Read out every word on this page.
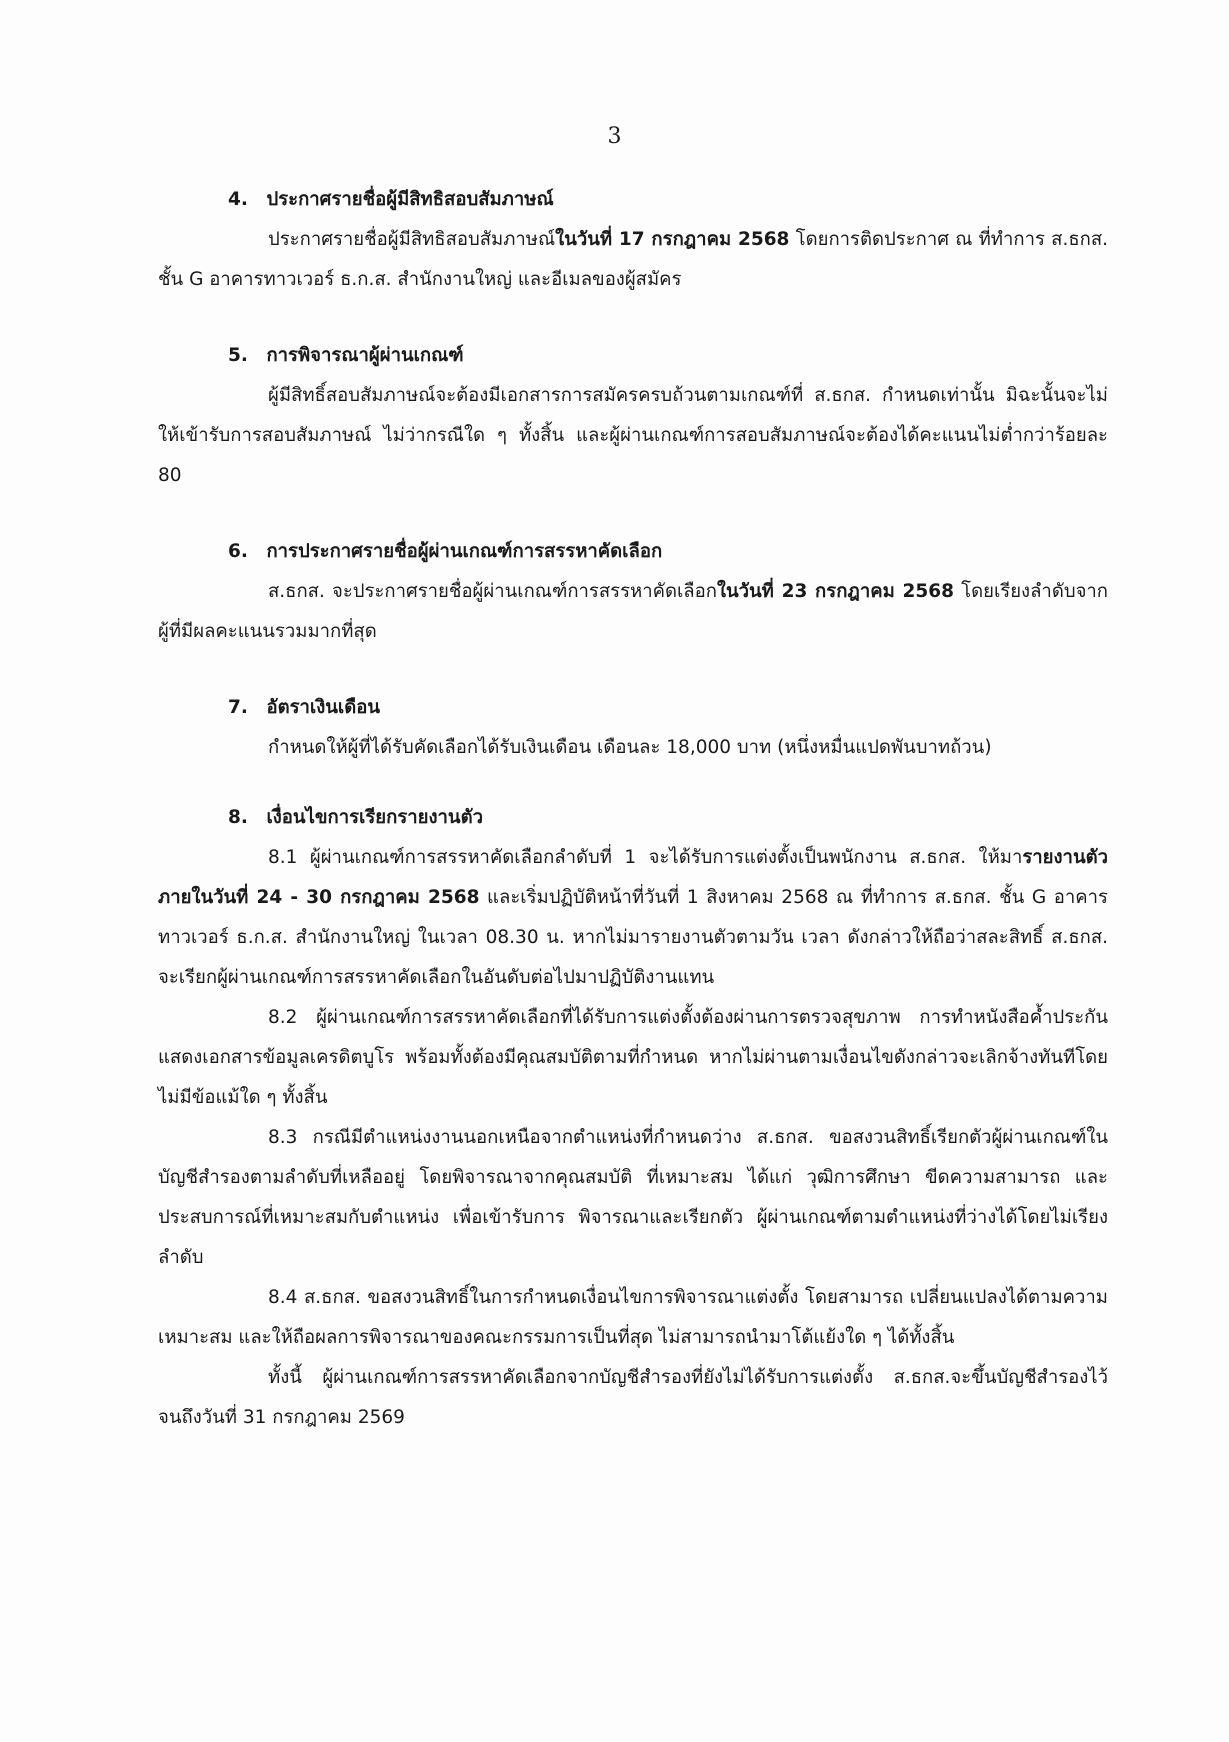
3

4. ประกาศรายชื่อผู้มีสิทธิสอบสัมภาษณ์

ประกาศรายชื่อผู้มีสิทธิสอบสัมภาษณ์ในวันที่ 17 กรกฎาคม 2568 โดยการติดประกาศ ณ ที่ทำการ ส.ธกส. ชั้น G อาคารทาวเวอร์ ธ.ก.ส. สำนักงานใหญ่ และอีเมลของผู้สมัคร

5. การพิจารณาผู้ผ่านเกณฑ์

ผู้มีสิทธิ์สอบสัมภาษณ์จะต้องมีเอกสารการสมัครครบถ้วนตามเกณฑ์ที่ ส.ธกส. กำหนดเท่านั้น มิฉะนั้นจะไม่ให้เข้ารับการสอบสัมภาษณ์ ไม่ว่ากรณีใด ๆ ทั้งสิ้น และผู้ผ่านเกณฑ์การสอบสัมภาษณ์จะต้องได้คะแนนไม่ต่ำกว่าร้อยละ 80

6. การประกาศรายชื่อผู้ผ่านเกณฑ์การสรรหาคัดเลือก

ส.ธกส. จะประกาศรายชื่อผู้ผ่านเกณฑ์การสรรหาคัดเลือกในวันที่ 23 กรกฎาคม 2568 โดยเรียงลำดับจากผู้ที่มีผลคะแนนรวมมากที่สุด

7. อัตราเงินเดือน

กำหนดให้ผู้ที่ได้รับคัดเลือกได้รับเงินเดือน เดือนละ 18,000 บาท (หนึ่งหมื่นแปดพันบาทถ้วน)

8. เงื่อนไขการเรียกรายงานตัว

8.1 ผู้ผ่านเกณฑ์การสรรหาคัดเลือกลำดับที่ 1 จะได้รับการแต่งตั้งเป็นพนักงาน ส.ธกส. ให้มารายงานตัวภายในวันที่ 24 - 30 กรกฎาคม 2568 และเริ่มปฏิบัติหน้าที่วันที่ 1 สิงหาคม 2568 ณ ที่ทำการ ส.ธกส. ชั้น G อาคารทาวเวอร์ ธ.ก.ส. สำนักงานใหญ่ ในเวลา 08.30 น. หากไม่มารายงานตัวตามวัน เวลา ดังกล่าวให้ถือว่าสละสิทธิ์ ส.ธกส. จะเรียกผู้ผ่านเกณฑ์การสรรหาคัดเลือกในอันดับต่อไปมาปฏิบัติงานแทน

8.2 ผู้ผ่านเกณฑ์การสรรหาคัดเลือกที่ได้รับการแต่งตั้งต้องผ่านการตรวจสุขภาพ การทำหนังสือค้ำประกัน แสดงเอกสารข้อมูลเครดิตบูโร พร้อมทั้งต้องมีคุณสมบัติตามที่กำหนด หากไม่ผ่านตามเงื่อนไขดังกล่าวจะเลิกจ้างทันทีโดยไม่มีข้อแม้ใด ๆ ทั้งสิ้น

8.3 กรณีมีตำแหน่งงานนอกเหนือจากตำแหน่งที่กำหนดว่าง ส.ธกส. ขอสงวนสิทธิ์เรียกตัวผู้ผ่านเกณฑ์ในบัญชีสำรองตามลำดับที่เหลืออยู่ โดยพิจารณาจากคุณสมบัติ ที่เหมาะสม ได้แก่ วุฒิการศึกษา ขีดความสามารถ และประสบการณ์ที่เหมาะสมกับตำแหน่ง เพื่อเข้ารับการ พิจารณาและเรียกตัว ผู้ผ่านเกณฑ์ตามตำแหน่งที่ว่างได้โดยไม่เรียงลำดับ

8.4 ส.ธกส. ขอสงวนสิทธิ์ในการกำหนดเงื่อนไขการพิจารณาแต่งตั้ง โดยสามารถ เปลี่ยนแปลงได้ตามความเหมาะสม และให้ถือผลการพิจารณาของคณะกรรมการเป็นที่สุด ไม่สามารถนำมาโต้แย้งใด ๆ ได้ทั้งสิ้น

ทั้งนี้ ผู้ผ่านเกณฑ์การสรรหาคัดเลือกจากบัญชีสำรองที่ยังไม่ได้รับการแต่งตั้ง ส.ธกส.จะขึ้นบัญชีสำรองไว้จนถึงวันที่ 31 กรกฎาคม 2569
